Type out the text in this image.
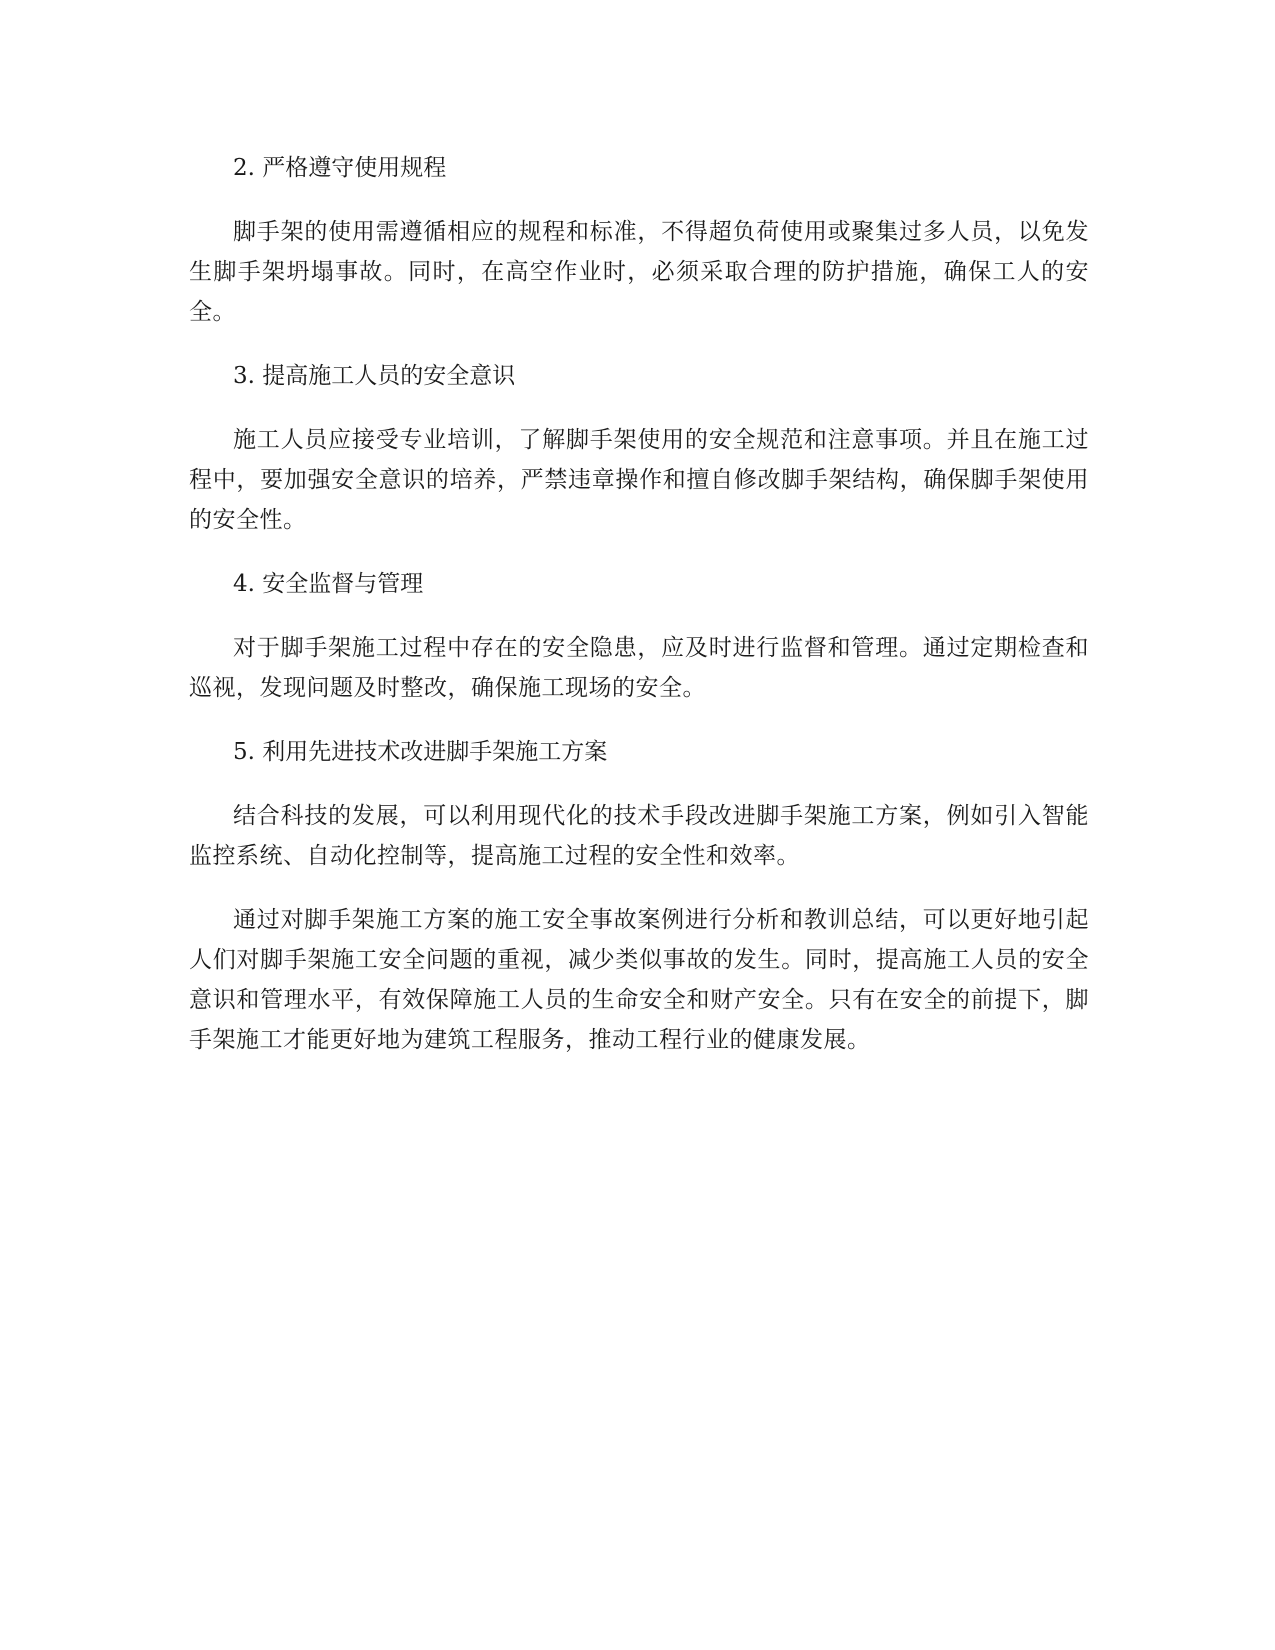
2. 严格遵守使用规程

脚手架的使用需遵循相应的规程和标准，不得超负荷使用或聚集过多人员，以免发生脚手架坍塌事故。同时，在高空作业时，必须采取合理的防护措施，确保工人的安全。

3. 提高施工人员的安全意识

施工人员应接受专业培训，了解脚手架使用的安全规范和注意事项。并且在施工过程中，要加强安全意识的培养，严禁违章操作和擅自修改脚手架结构，确保脚手架使用的安全性。

4. 安全监督与管理

对于脚手架施工过程中存在的安全隐患，应及时进行监督和管理。通过定期检查和巡视，发现问题及时整改，确保施工现场的安全。

5. 利用先进技术改进脚手架施工方案

结合科技的发展，可以利用现代化的技术手段改进脚手架施工方案，例如引入智能监控系统、自动化控制等，提高施工过程的安全性和效率。

通过对脚手架施工方案的施工安全事故案例进行分析和教训总结，可以更好地引起人们对脚手架施工安全问题的重视，减少类似事故的发生。同时，提高施工人员的安全意识和管理水平，有效保障施工人员的生命安全和财产安全。只有在安全的前提下，脚手架施工才能更好地为建筑工程服务，推动工程行业的健康发展。
